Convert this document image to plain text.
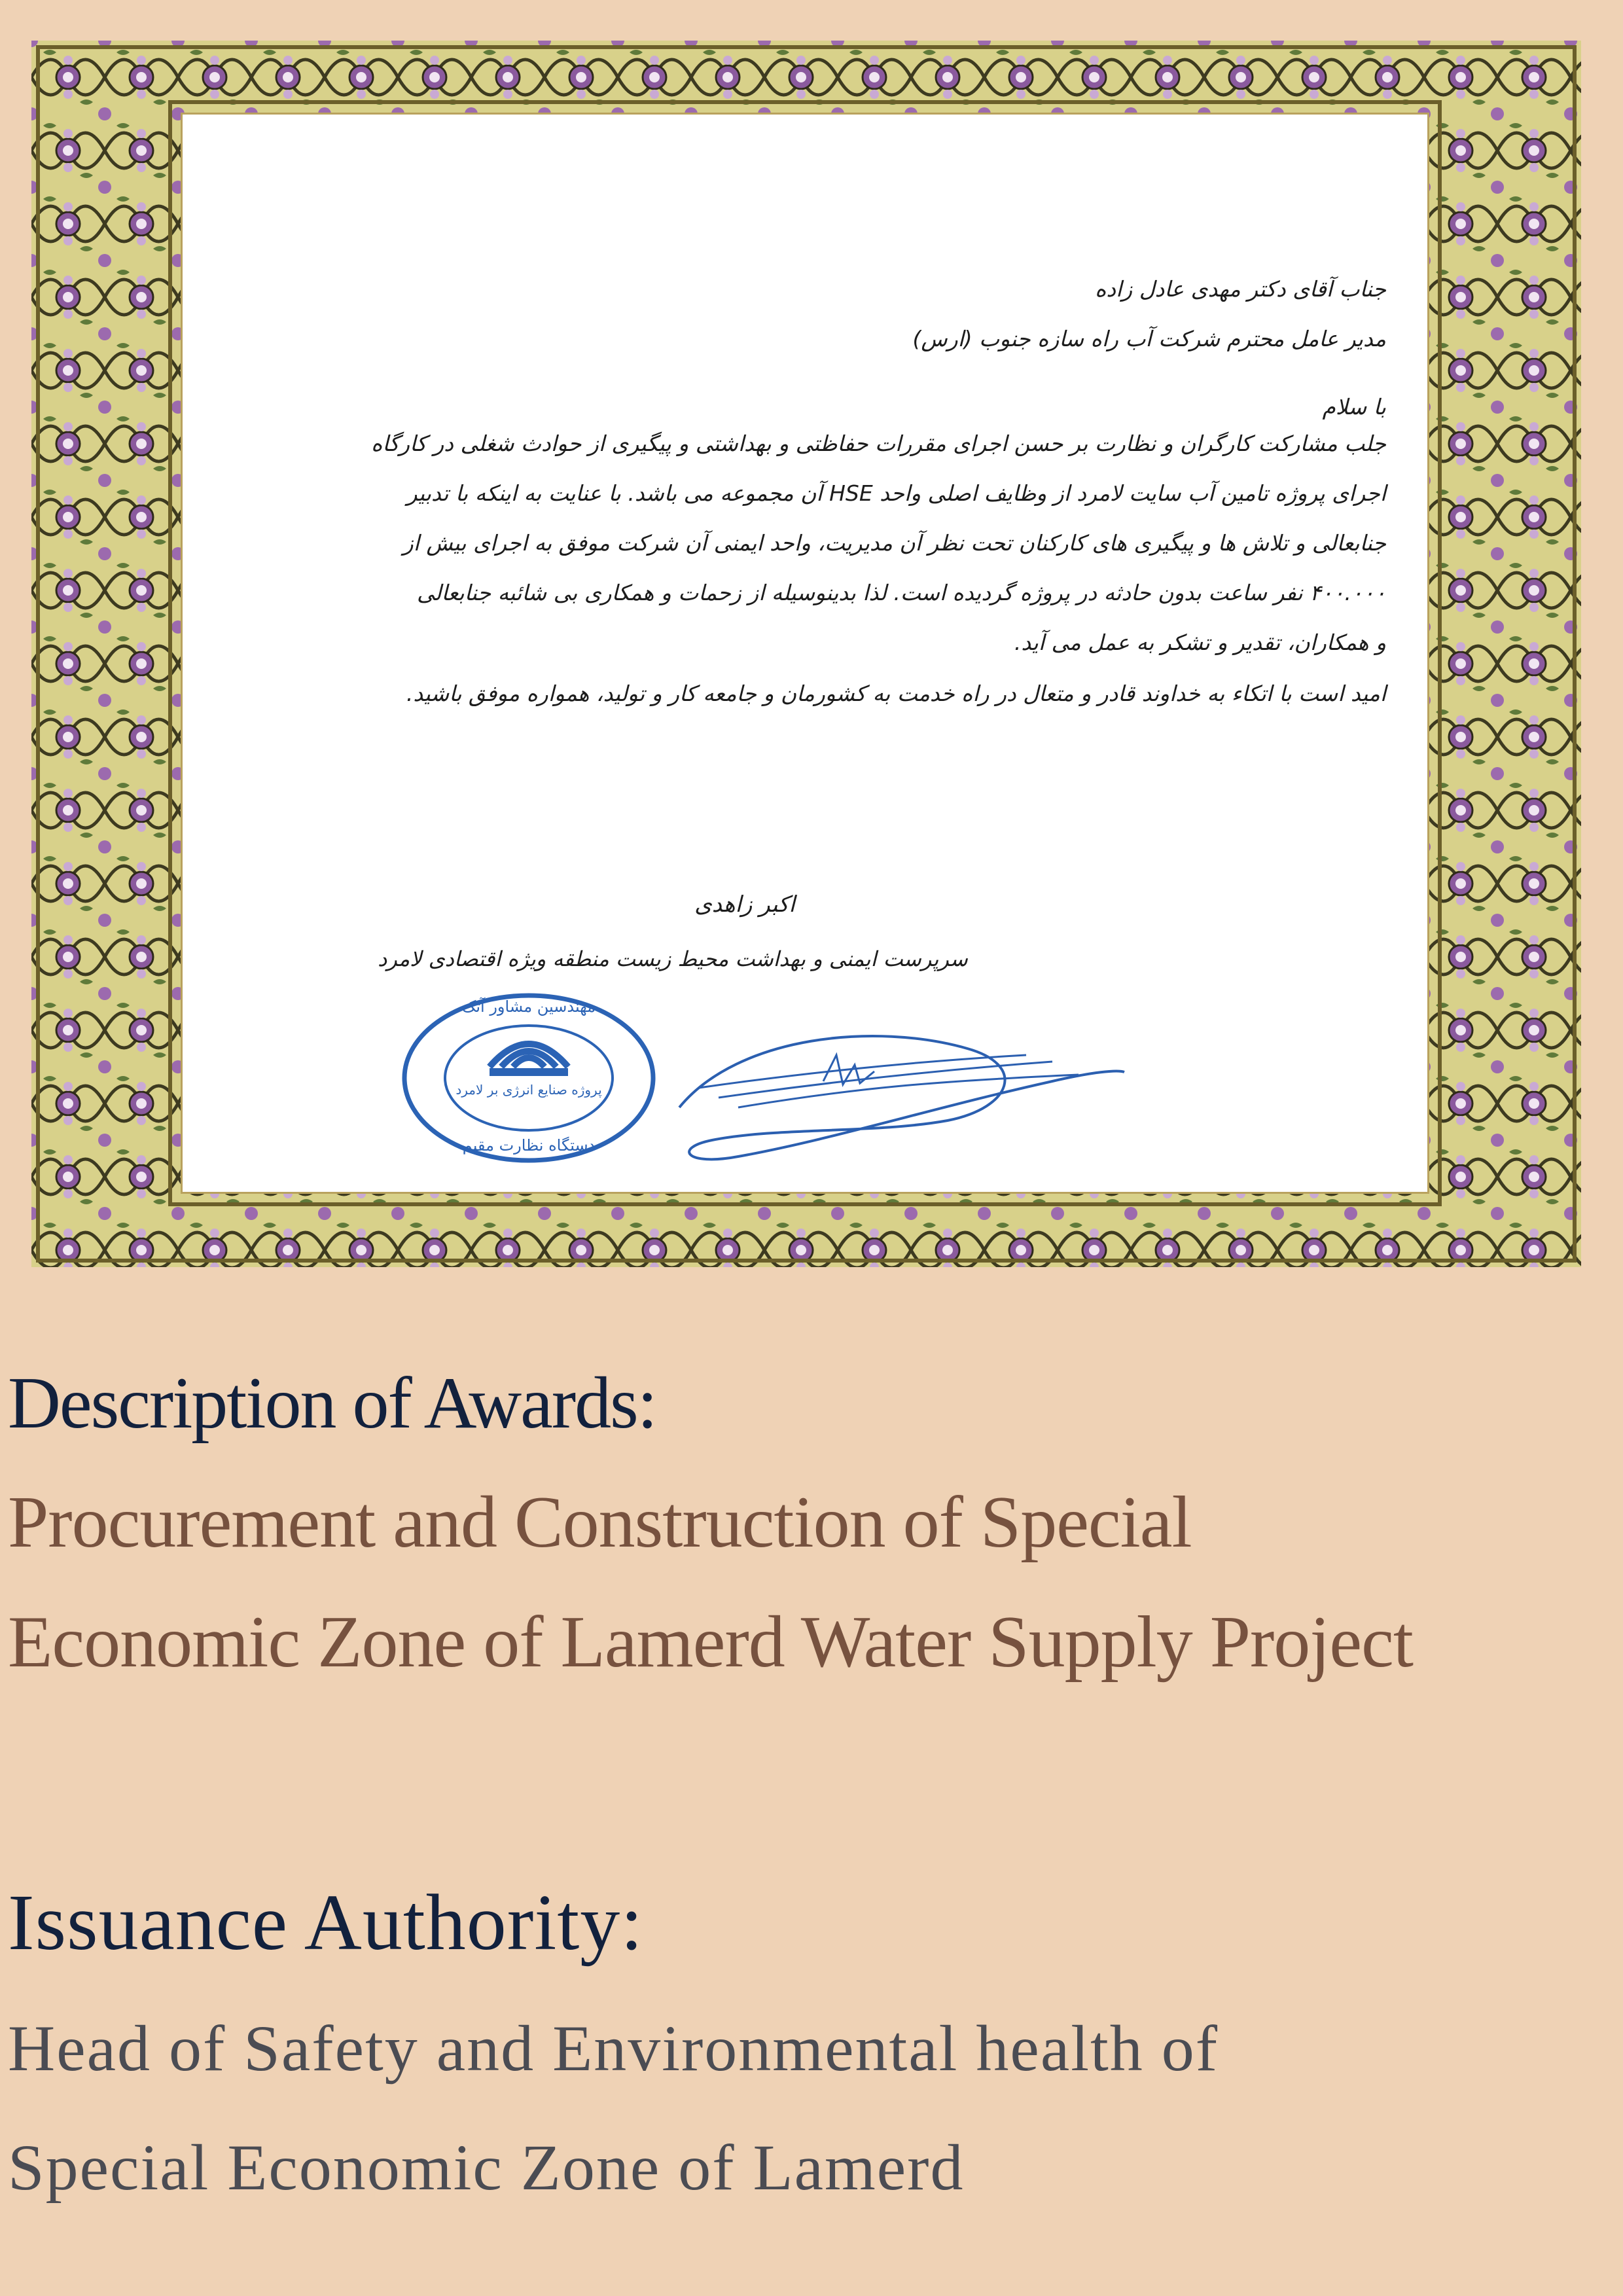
جناب آقای دکتر مهدی عادل زاده
مدیر عامل محترم شرکت آب راه سازه جنوب (ارس)
با سلام
جلب مشارکت کارگران و نظارت بر حسن اجرای مقررات حفاظتی و بهداشتی و پیگیری از حوادث شغلی در کارگاه
اجرای پروژه تامین آب سایت لامرد از وظایف اصلی واحد HSE آن مجموعه می باشد. با عنایت به اینکه با تدبیر
جنابعالی و تلاش ها و پیگیری های کارکنان تحت نظر آن مدیریت، واحد ایمنی آن شرکت موفق به اجرای بیش از
۴۰۰.۰۰۰ نفر ساعت بدون حادثه در پروژه گردیده است. لذا بدینوسیله از زحمات و همکاری بی شائبه جنابعالی
و همکاران، تقدیر و تشکر به عمل می آید.
امید است با اتکاء به خداوند قادر و متعال در راه خدمت به کشورمان و جامعه کار و تولید، همواره موفق باشید.
اکبر زاهدی
سرپرست ایمنی و بهداشت محیط زیست منطقه ویژه اقتصادی لامرد
مهندسین مشاور آتک
پروژه صنایع انرژی بر لامرد
دستگاه نظارت مقیم
Description of Awards:

Procurement and Construction of Special

Economic Zone of Lamerd Water Supply Project

Issuance Authority:

Head of Safety and Environmental health of

Special Economic Zone of Lamerd
